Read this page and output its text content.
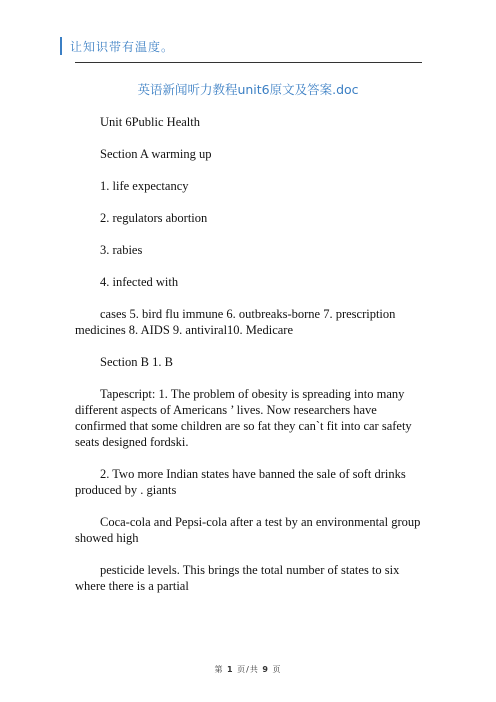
让知识带有温度。
英语新闻听力教程unit6原文及答案.doc

Unit 6Public Health

Section A warming up

1. life expectancy

2. regulators abortion

3. rabies

4. infected with

cases 5. bird flu immune 6. outbreaks-borne 7. prescription medicines 8. AIDS 9. antiviral10. Medicare

Section B 1. B

Tapescript: 1. The problem of obesity is spreading into many different aspects of Americans ’ lives. Now researchers have confirmed that some children are so fat they can`t fit into car safety seats designed fordski.

2. Two more Indian states have banned the sale of soft drinks produced by . giants

Coca-cola and Pepsi-cola after a test by an environmental group showed high

pesticide levels. This brings the total number of states to six where there is a partial

第 1 页/共 9 页
